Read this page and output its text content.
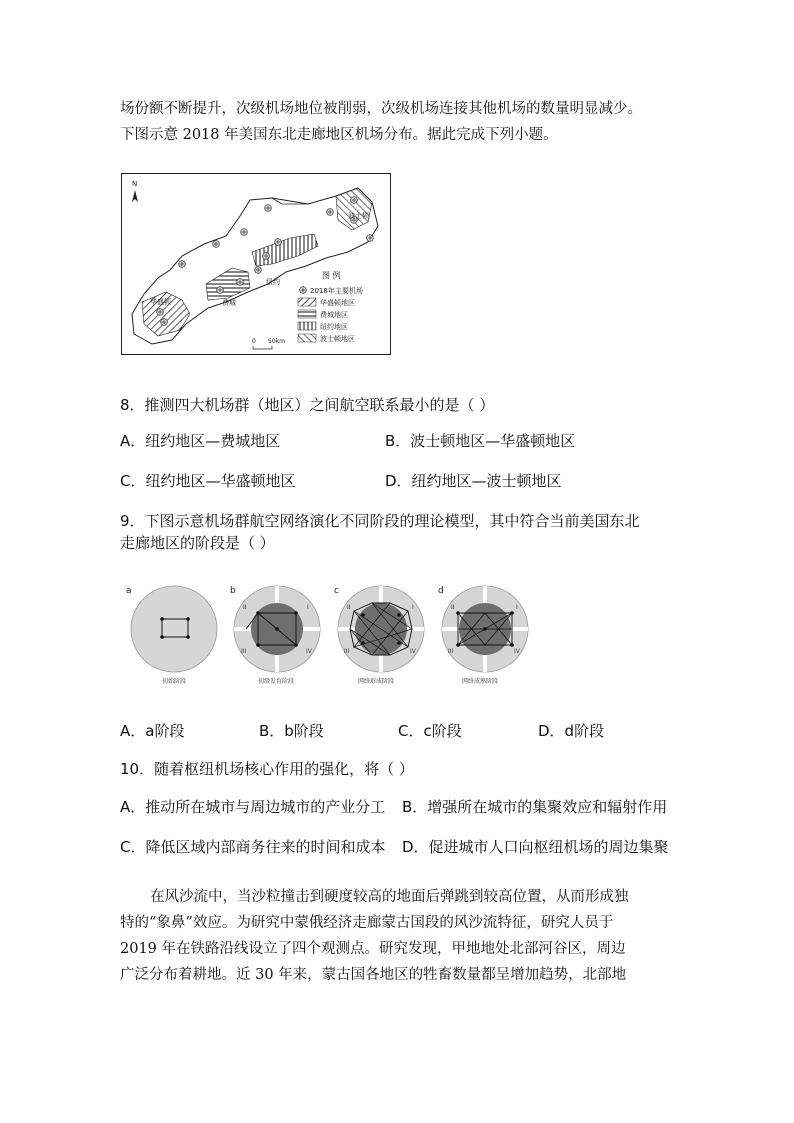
场份额不断提升，次级机场地位被削弱，次级机场连接其他机场的数量明显减少。
下图示意 2018 年美国东北走廊地区机场分布。据此完成下列小题。
N
波士顿
纽约
费城
华盛顿
图 例
2018年主要机场
华盛顿地区
费城地区
纽约地区
波士顿地区
0 50km
8．推测四大机场群（地区）之间航空联系最小的是（ ）
A．纽约地区—费城地区	B．波士顿地区—华盛顿地区
C．纽约地区—华盛顿地区	D．纽约地区—波士顿地区
9．下图示意机场群航空网络演化不同阶段的理论模型，其中符合当前美国东北
走廊地区的阶段是（ ）
a
初始阶段
b
II	I
III	IV
初级发育阶段
c
II	I
III	IV
网络形成阶段
d
II	I
III	IV
网络成熟阶段
A．a阶段	B．b阶段	C．c阶段	D．d阶段
10．随着枢纽机场核心作用的强化，将（ ）
A．推动所在城市与周边城市的产业分工 B．增强所在城市的集聚效应和辐射作用
C．降低区域内部商务往来的时间和成本 D．促进城市人口向枢纽机场的周边集聚
在风沙流中，当沙粒撞击到硬度较高的地面后弹跳到较高位置，从而形成独
特的“象鼻”效应。为研究中蒙俄经济走廊蒙古国段的风沙流特征，研究人员于
2019 年在铁路沿线设立了四个观测点。研究发现，甲地地处北部河谷区，周边
广泛分布着耕地。近 30 年来，蒙古国各地区的牲畜数量都呈增加趋势，北部地
